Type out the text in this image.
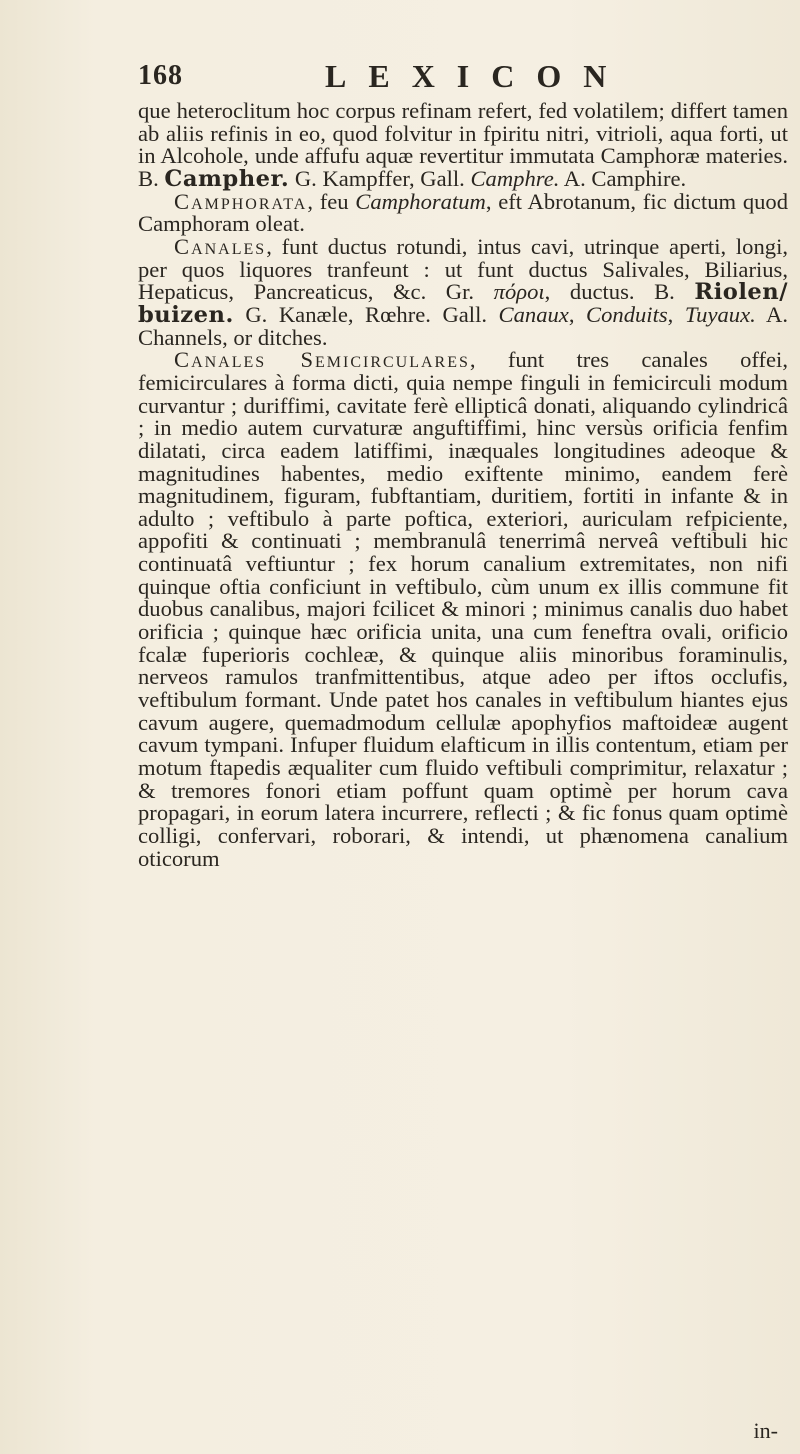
168	LEXICON

que heteroclitum hoc corpus refinam refert, fed volatilem; differt tamen ab aliis refinis in eo, quod folvitur in fpiritu nitri, vitrioli, aqua forti, ut in Alcohole, unde affufu aquæ revertitur immutata Camphoræ materies. B. Campher. G. Kampffer, Gall. Camphre. A. Camphire.

Camphorata, feu Camphoratum, eft Abrotanum, fic dictum quod Camphoram oleat.

Canales, funt ductus rotundi, intus cavi, utrinque aperti, longi, per quos liquores tranfeunt : ut funt ductus Salivales, Biliarius, Hepaticus, Pancreaticus, &c. Gr. πόροι, ductus. B. Riolen/ buizen. G. Kanæle, Rœhre. Gall. Canaux, Conduits, Tuyaux. A. Channels, or ditches.

Canales Semicirculares, funt tres canales offei, femicirculares à forma dicti, quia nempe finguli in femicirculi modum curvantur ; duriffimi, cavitate ferè ellipticâ donati, aliquando cylindricâ ; in medio autem curvaturæ anguftiffimi, hinc versùs orificia fenfim dilatati, circa eadem latiffimi, inæquales longitudines adeoque & magnitudines habentes, medio exiftente minimo, eandem ferè magnitudinem, figuram, fubftantiam, duritiem, fortiti in infante & in adulto ; veftibulo à parte poftica, exteriori, auriculam refpiciente, appofiti & continuati ; membranulâ tenerrimâ nerveâ veftibuli hic continuatâ veftiuntur ; fex horum canalium extremitates, non nifi quinque oftia conficiunt in veftibulo, cùm unum ex illis commune fit duobus canalibus, majori fcilicet & minori ; minimus canalis duo habet orificia ; quinque hæc orificia unita, una cum feneftra ovali, orificio fcalæ fuperioris cochleæ, & quinque aliis minoribus foraminulis, nerveos ramulos tranfmittentibus, atque adeo per iftos occlufis, veftibulum formant. Unde patet hos canales in veftibulum hiantes ejus cavum augere, quemadmodum cellulæ apophyfios maftoideæ augent cavum tympani. Infuper fluidum elafticum in illis contentum, etiam per motum ftapedis æqualiter cum fluido veftibuli comprimitur, relaxatur ; & tremores fonori etiam poffunt quam optimè per horum cava propagari, in eorum latera incurrere, reflecti ; & fic fonus quam optimè colligi, confervari, roborari, & intendi, ut phænomena canalium oticorum

in-
